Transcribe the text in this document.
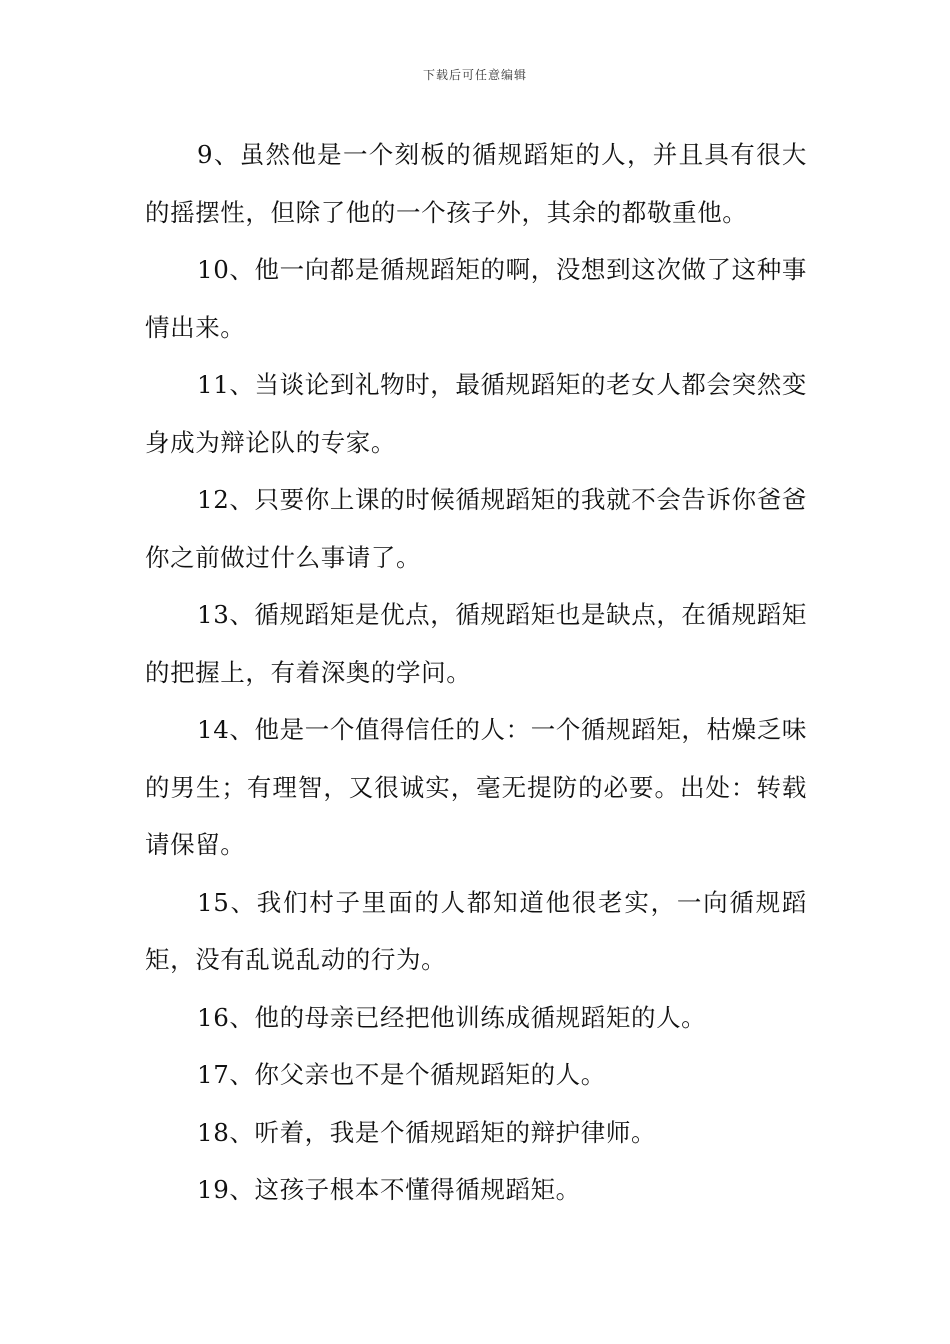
下载后可任意编辑

9、虽然他是一个刻板的循规蹈矩的人，并且具有很大的摇摆性，但除了他的一个孩子外，其余的都敬重他。

10、他一向都是循规蹈矩的啊，没想到这次做了这种事情出来。

11、当谈论到礼物时，最循规蹈矩的老女人都会突然变身成为辩论队的专家。

12、只要你上课的时候循规蹈矩的我就不会告诉你爸爸你之前做过什么事请了。

13、循规蹈矩是优点，循规蹈矩也是缺点，在循规蹈矩的把握上，有着深奥的学问。

14、他是一个值得信任的人：一个循规蹈矩，枯燥乏味的男生；有理智，又很诚实，毫无提防的必要。出处：转载请保留。

15、我们村子里面的人都知道他很老实，一向循规蹈矩，没有乱说乱动的行为。

16、他的母亲已经把他训练成循规蹈矩的人。

17、你父亲也不是个循规蹈矩的人。

18、听着，我是个循规蹈矩的辩护律师。

19、这孩子根本不懂得循规蹈矩。
